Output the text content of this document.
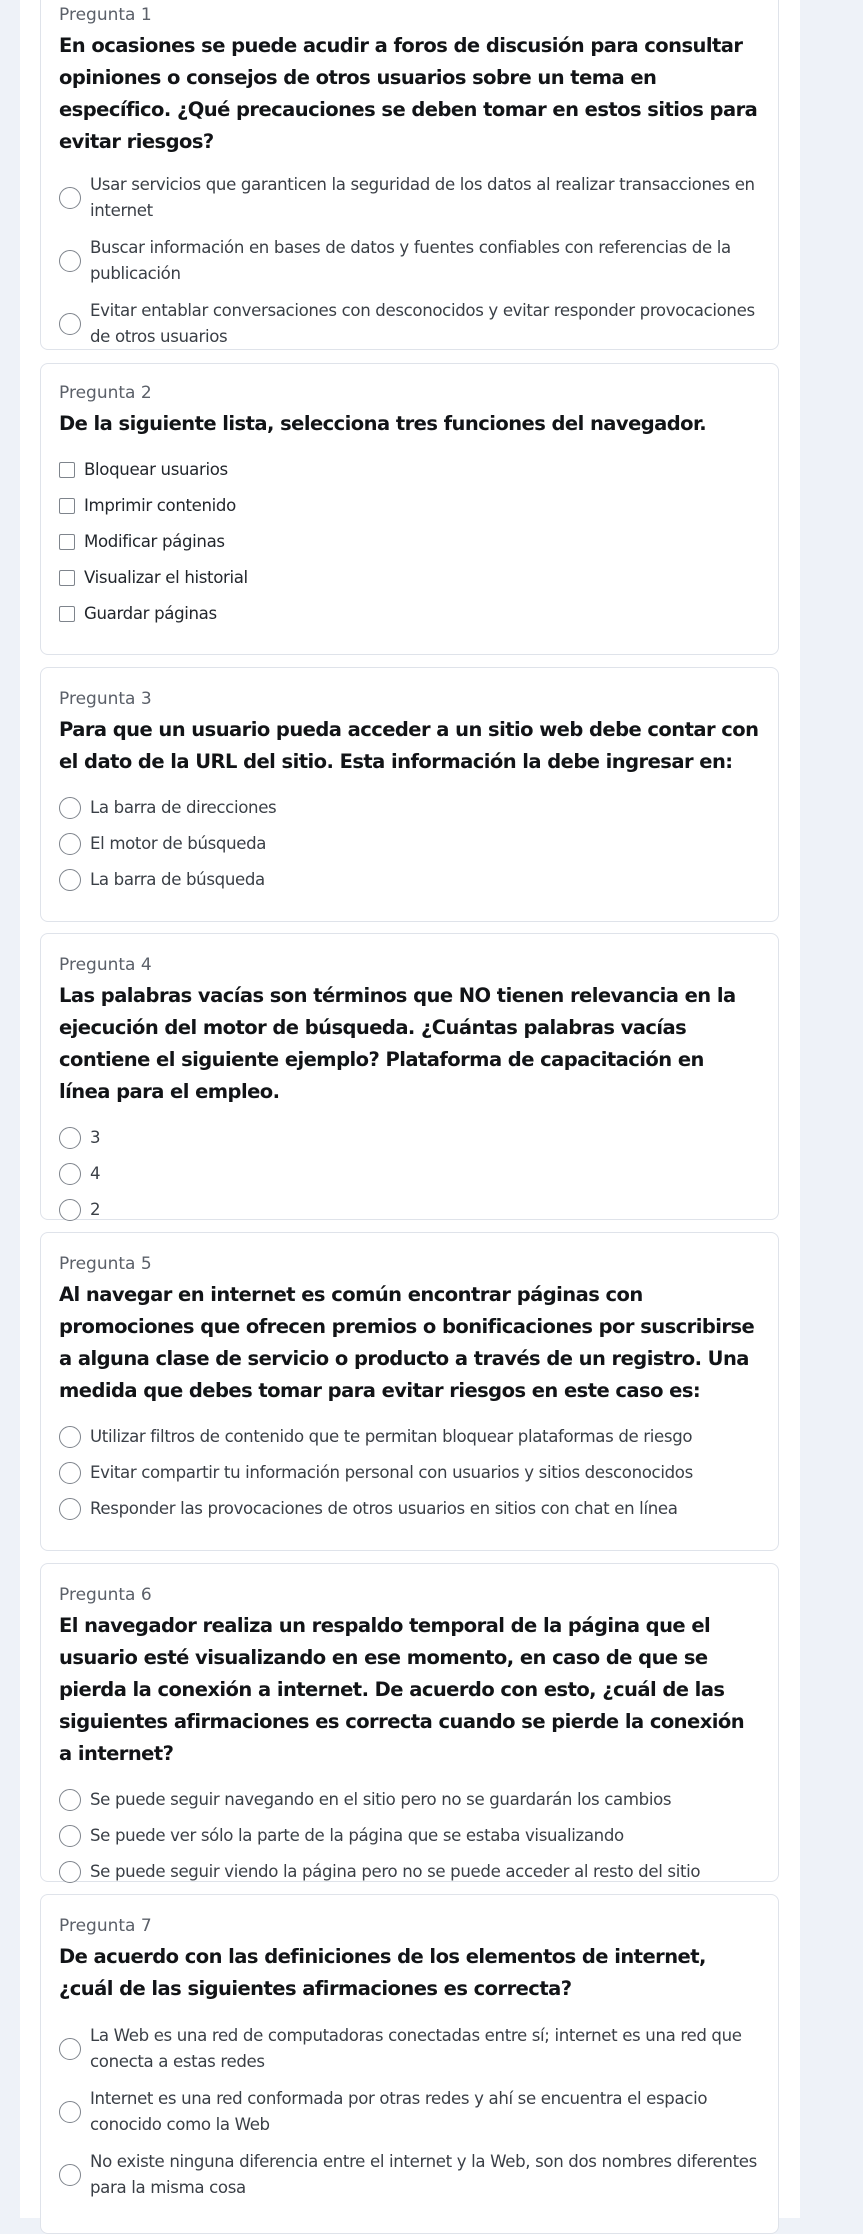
Pregunta 1

En ocasiones se puede acudir a foros de discusión para consultar opiniones o consejos de otros usuarios sobre un tema en específico. ¿Qué precauciones se deben tomar en estos sitios para evitar riesgos?

Usar servicios que garanticen la seguridad de los datos al realizar transacciones en internet
Buscar información en bases de datos y fuentes confiables con referencias de la publicación
Evitar entablar conversaciones con desconocidos y evitar responder provocaciones de otros usuarios
Pregunta 2

De la siguiente lista, selecciona tres funciones del navegador.

Bloquear usuarios
Imprimir contenido
Modificar páginas
Visualizar el historial
Guardar páginas
Pregunta 3

Para que un usuario pueda acceder a un sitio web debe contar con el dato de la URL del sitio. Esta información la debe ingresar en:

La barra de direcciones
El motor de búsqueda
La barra de búsqueda
Pregunta 4

Las palabras vacías son términos que NO tienen relevancia en la ejecución del motor de búsqueda. ¿Cuántas palabras vacías contiene el siguiente ejemplo? Plataforma de capacitación en línea para el empleo.

3
4
2
Pregunta 5

Al navegar en internet es común encontrar páginas con promociones que ofrecen premios o bonificaciones por suscribirse a alguna clase de servicio o producto a través de un registro. Una medida que debes tomar para evitar riesgos en este caso es:

Utilizar filtros de contenido que te permitan bloquear plataformas de riesgo
Evitar compartir tu información personal con usuarios y sitios desconocidos
Responder las provocaciones de otros usuarios en sitios con chat en línea
Pregunta 6

El navegador realiza un respaldo temporal de la página que el usuario esté visualizando en ese momento, en caso de que se pierda la conexión a internet. De acuerdo con esto, ¿cuál de las siguientes afirmaciones es correcta cuando se pierde la conexión a internet?

Se puede seguir navegando en el sitio pero no se guardarán los cambios
Se puede ver sólo la parte de la página que se estaba visualizando
Se puede seguir viendo la página pero no se puede acceder al resto del sitio
Pregunta 7

De acuerdo con las definiciones de los elementos de internet, ¿cuál de las siguientes afirmaciones es correcta?

La Web es una red de computadoras conectadas entre sí; internet es una red que conecta a estas redes
Internet es una red conformada por otras redes y ahí se encuentra el espacio conocido como la Web
No existe ninguna diferencia entre el internet y la Web, son dos nombres diferentes para la misma cosa
